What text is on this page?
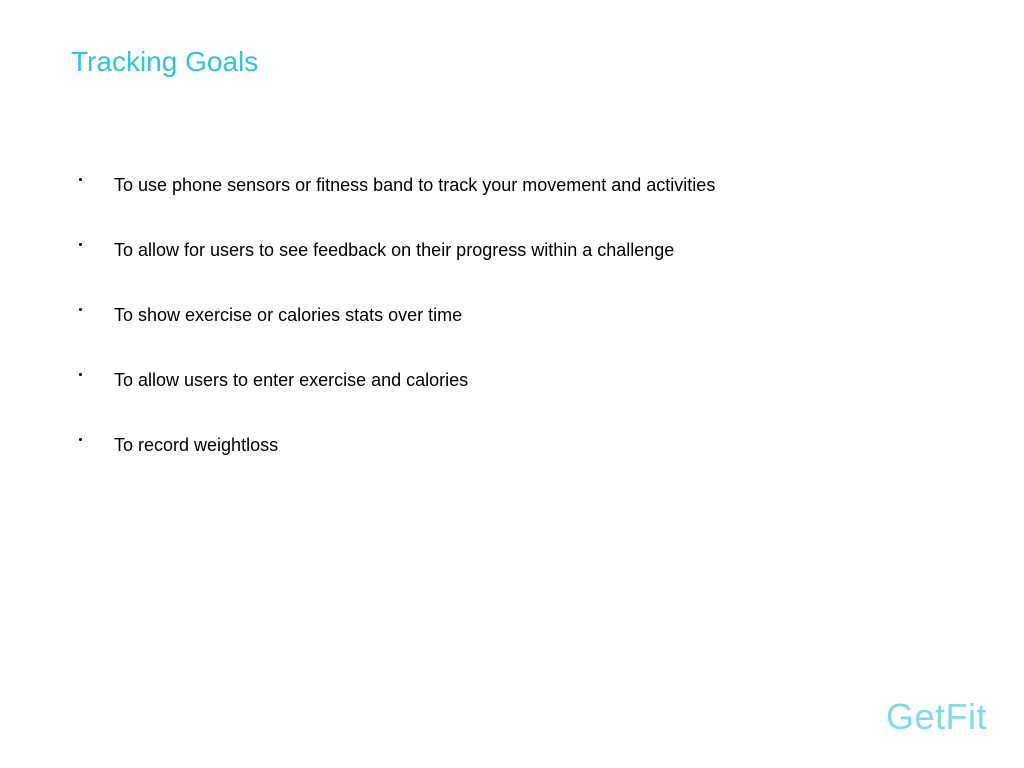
Tracking Goals
To use phone sensors or fitness band to track your movement and activities
To allow for users to see feedback on their progress within a challenge
To show exercise or calories stats over time
To allow users to enter exercise and calories
To record weightloss
GetFit
